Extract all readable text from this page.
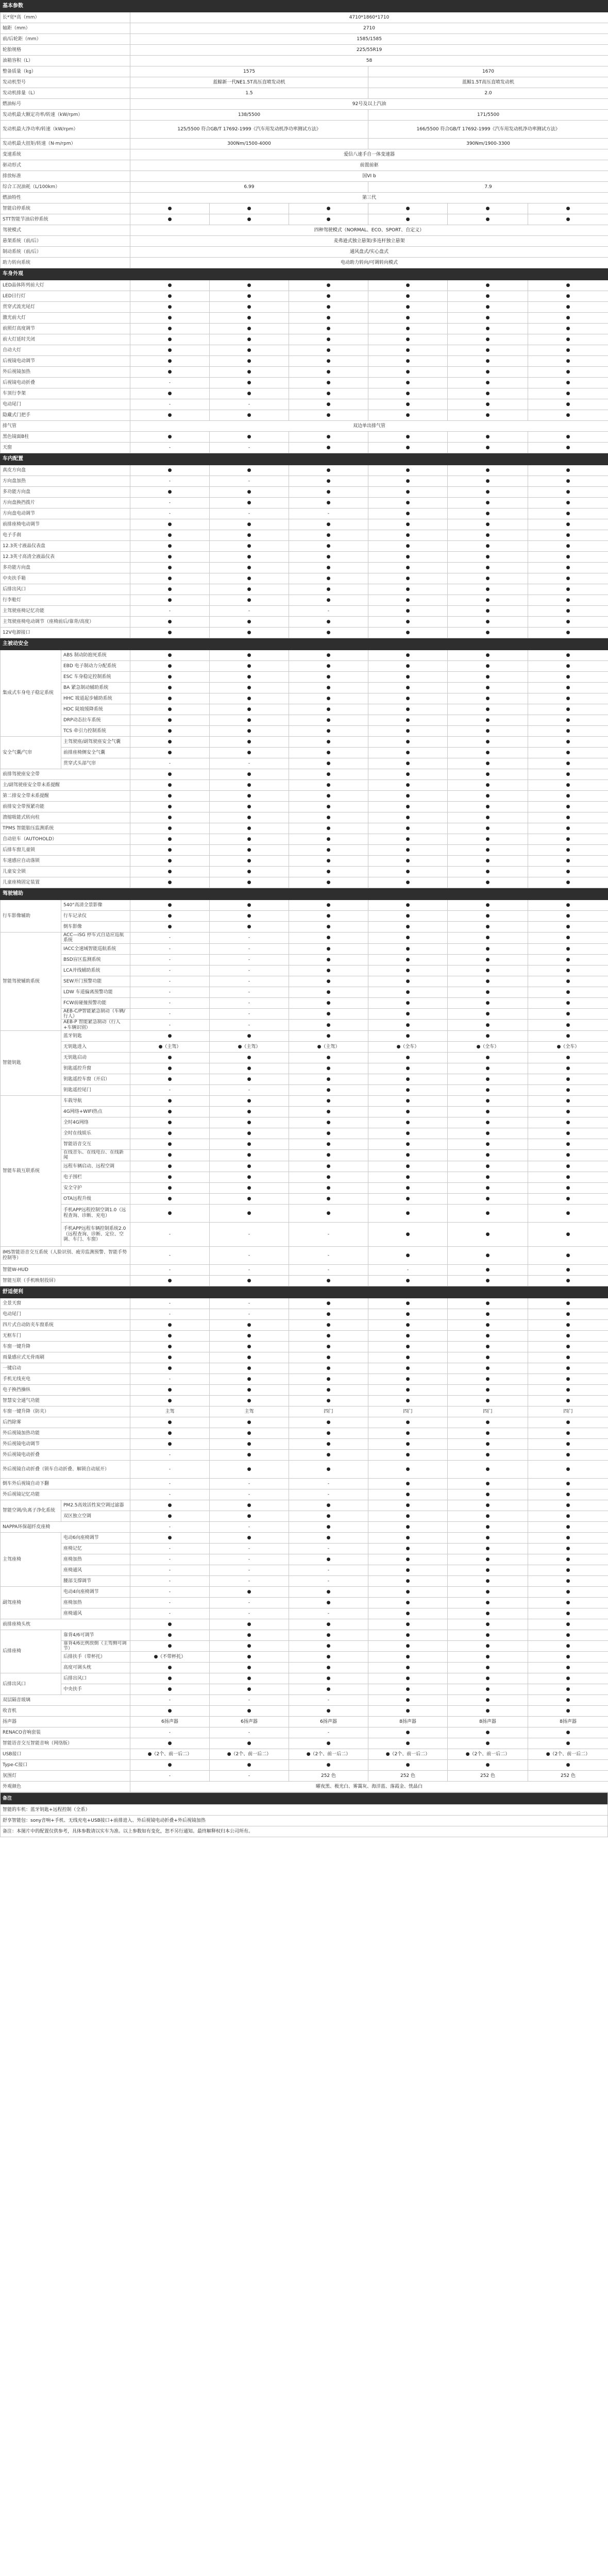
基本参数							
长*宽*高（mm）		4710*1860*1710					
轴距（mm）		2710					
前/后轮距（mm）		1585/1585					
轮胎规格		225/55R19					
油箱容积（L）		58					
整备质量（kg）		1575			1670		
发动机型号		蓝鲸新一代NE1.5T高压直喷发动机			蓝鲸1.5T高压直喷发动机		
发动机排量（L）		1.5			2.0		
燃油标号		92号及以上汽油					
发动机最大额定功率/转速（kW/rpm）		138/5500			171/5500		
发动机最大净功率/转速（kW/rpm）		125/5500 符合GB/T 17692-1999《汽车用发动机净功率测试方法》			166/5500 符合GB/T 17692-1999《汽车用发动机净功率测试方法》		
发动机最大扭矩/转速（N·m/rpm）		300Nm/1500-4000			390Nm/1900-3300		
变速系统		爱信八速手自一体变速器					
驱动形式		前置前驱					
排放标准		国VI b					
综合工况油耗（L/100km）		6.99			7.9		
燃油特性		第三代					
智能启停系统		●	●	●	●	●	●
STT智能节油启停系统		●	●	●	●	●	●
驾驶模式		四种驾驶模式（NORMAL、ECO、SPORT、自定义）					
悬架系统（前/后）		麦弗逊式独立悬架/多连杆独立悬架					
制动系统（前/后）		通风盘式/实心盘式					
助力转向系统		电动助力转向/可调转向模式					
车身外观							
LED晶体阵列前大灯		●	●	●	●	●	●
LED日行灯		●	●	●	●	●	●
贯穿式流光尾灯		●	●	●	●	●	●
激光前大灯		●	●	●	●	●	●
前照灯高度调节		●	●	●	●	●	●
前大灯延时关闭		●	●	●	●	●	●
自动大灯		●	●	●	●	●	●
后视镜电动调节		●	●	●	●	●	●
外后视镜加热		●	●	●	●	●	●
后视镜电动折叠		-	●	●	●	●	●
车顶行李架		●	●	●	●	●	●
电动尾门		-	-	●	●	●	●
隐藏式门把手		●	●	●	●	●	●
排气管		双边单出排气管					
黑色镜面B柱		●	●	●	●	●	●
天窗		-	-	●	●	●	●
车内配置							
真皮方向盘		●	●	●	●	●	●
方向盘加热		-	-	●	●	●	●
多功能方向盘		●	●	●	●	●	●
方向盘换挡拨片		-	●	●	●	●	●
方向盘电动调节		-	-	-	●	●	●
前排座椅电动调节		●	●	●	●	●	●
电子手刹		●	●	●	●	●	●
12.3英寸液晶仪表盘		●	●	●	●	●	●
12.3英寸高清全液晶仪表		●	●	●	●	●	●
多功能方向盘		●	●	●	●	●	●
中央扶手箱		●	●	●	●	●	●
后排出风口		●	●	●	●	●	●
行李舱灯		●	●	●	●	●	●
主驾驶座椅记忆功能		-	-	-	●	●	●
主驾驶座椅电动调节（座椅前后/靠背/高度）		●	●	●	●	●	●
12V电源接口		●	●	●	●	●	●
主被动安全							
集成式车身电子稳定系统	ABS 制动防抱死系统	●	●	●	●	●	●
	EBD 电子制动力分配系统	●	●	●	●	●	●
	ESC 车身稳定控制系统	●	●	●	●	●	●
	BA 紧急制动辅助系统	●	●	●	●	●	●
	HHC 坡道起步辅助系统	●	●	●	●	●	●
	HDC 陡坡缓降系统	●	●	●	●	●	●
	DRP动态拉车系统	●	●	●	●	●	●
	TCS 牵引力控制系统	●	●	●	●	●	●
安全气囊/气帘	主驾驶座/副驾驶座安全气囊	●	●	●	●	●	●
	前排座椅侧安全气囊	●	●	●	●	●	●
	贯穿式头部气帘	-	-	●	●	●	●
前排驾驶座安全带		●	●	●	●	●	●
主/副驾驶座安全带未系提醒		●	●	●	●	●	●
第二排安全带未系提醒		●	●	●	●	●	●
前排安全带预紧功能		●	●	●	●	●	●
溃缩吸能式转向柱		●	●	●	●	●	●
TPMS 智能胎压监测系统		●	●	●	●	●	●
自动驻车（AUTOHOLD）		●	●	●	●	●	●
后排车窗儿童锁		●	●	●	●	●	●
车速感应自动落锁		●	●	●	●	●	●
儿童安全锁		●	●	●	●	●	●
儿童座椅固定装置		●	●	●	●	●	●
驾驶辅助							
行车影像辅助	540°高清全景影像	●	●	●	●	●	●
	行车记录仪	●	●	●	●	●	●
	倒车影像	●	●	●	●	●	●
智能驾驶辅助系统	ACC—iSG 停车式自适应巡航系统	-	-	●	●	●	●
	IACC全速域智能巡航系统	-	-	●	●	●	●
	BSD盲区监测系统	-	-	●	●	●	●
	LCA并线辅助系统	-	-	●	●	●	●
	SEW开门预警功能	-	-	●	●	●	●
	LDW 车道偏离预警功能	-	-	●	●	●	●
	FCW前碰撞预警功能	-	-	●	●	●	●
	AEB-C/P智能紧急制动（车辆/行人）	-	-	●	●	●	●
	AEB-P 智能紧急制动（行人+车辆识别）	-	-	●	●	●	●
智能钥匙	蓝牙钥匙	●	●	●	●	●	●
	无钥匙进入	●（主驾）	●（主驾）	●（主驾）	●（全车）	●（全车）	●（全车）
	无钥匙启动	●	●	●	●	●	●
	钥匙遥控升窗	●	●	●	●	●	●
	钥匙遥控车窗（开启）	●	●	●	●	●	●
	钥匙遥控尾门	-	-	●	●	●	●
智能车载互联系统	车载导航	●	●	●	●	●	●
	4G网络+WIFI热点	●	●	●	●	●	●
	全时4G网络	●	●	●	●	●	●
	全时在线娱乐	●	●	●	●	●	●
	智能语音交互	●	●	●	●	●	●
	在线音乐、在线电台、在线新闻	●	●	●	●	●	●
	远程车辆启动、远程空调	●	●	●	●	●	●
	电子围栏	●	●	●	●	●	●
	安全守护	●	●	●	●	●	●
	OTA远程升级	●	●	●	●	●	●
	手机APP远程控制空调1.0（远程查询、诊断、充电）	●	●	●	●	●	●
	手机APP远程车辆控制系统2.0（远程查询、诊断、定位、空调、车门、车窗）	-	-	-	●	●	●
IMS智能语音交互系统（人脸识别、疲劳监测预警、智能手势控制等）		-	-	-	●	●	●
智能W-HUD		-	-	-	-	●	●
智能互联（手机映射投屏）		●	●	●	●	●	●
舒适便利							
全景天窗		-	-	●	●	●	●
电动尾门		-	-	●	●	●	●
四片式自动防夹车窗系统		●	●	●	●	●	●
无框车门		●	●	●	●	●	●
车窗一键升降		●	●	●	●	●	●
雨量感应式无骨雨刷		●	●	●	●	●	●
一键启动		●	●	●	●	●	●
手机无线充电		-	●	●	●	●	●
电子换挡操纵		●	●	●	●	●	●
智慧安全通气功能		●	●	●	●	●	●
车窗一键升降（防夹）		主驾	主驾	四门	四门	四门	四门
后挡除雾		●	●	●	●	●	●
外后视镜加热功能		●	●	●	●	●	●
外后视镜电动调节		●	●	●	●	●	●
外后视镜电动折叠		-	●	●	●	●	●
外后视镜自动折叠（锁车自动折叠、解锁自动展开）		-	●	●	●	●	●
倒车外后视镜自动下翻		-	-	-	●	●	●
外后视镜记忆功能		-	-	-	●	●	●
智能空调/负离子净化系统	PM2.5高效活性炭空调过滤器	●	●	●	●	●	●
	双区独立空调	●	●	●	●	●	●
NAPPA环保超纤皮座椅		-	-	●	●	●	●
主驾座椅	电动6向座椅调节	●	●	●	●	●	●
	座椅记忆	-	-	-	●	●	●
	座椅加热	-	-	●	●	●	●
	座椅通风	-	-	-	●	●	●
	腰部支撑调节	-	-	-	●	●	●
副驾座椅	电动4向座椅调节	-	●	●	●	●	●
	座椅加热	-	-	●	●	●	●
	座椅通风	-	-	-	●	●	●
前排座椅头枕		●	●	●	●	●	●
后排座椅	靠背4/6可调节	●	●	●	●	●	●
	靠背4/6比例放倒（主驾侧可调节）	●	●	●	●	●	●
	后排扶手（带杯托）	●（不带杯托）	●	●	●	●	●
	高度可调头枕	●	●	●	●	●	●
后排出风口	后排出风口	●	●	●	●	●	●
	中央扶手	●	●	●	●	●	●
双层隔音玻璃		-	-	-	●	●	●
收音机		●	●	●	●	●	●
扬声器		6扬声器	6扬声器	6扬声器	8扬声器	8扬声器	8扬声器
RENACO音响套装		-	-	-	●	●	●
智能语音交互智能音响（网络版）		●	●	●	●	●	●
USB接口		●（2个、前一后二）	●（2个、前一后二）	●（2个、前一后二）	●（2个、前一后二）	●（2个、前一后二）	●（2个、前一后二）
Type-C接口		●	●	●	●	●	●
氛围灯		-	-	252 色	252 色	252 色	252 色
外观颜色		曜夜黑、极光白、雾霭灰、海洋蓝、落霞金、恍晶白					
备注
智能的车机：蓝牙钥匙+远程控制（全系）
舒享智能包：sony音响+手机、无线充电+USB接口+前排进入、外后视镜电动折叠+外后视镜加热
备注：本图片中的配置仅供参考，具体参数请以实车为准。以上参数如有变化，恕不另行通知。最终解释权归本公司所有。
